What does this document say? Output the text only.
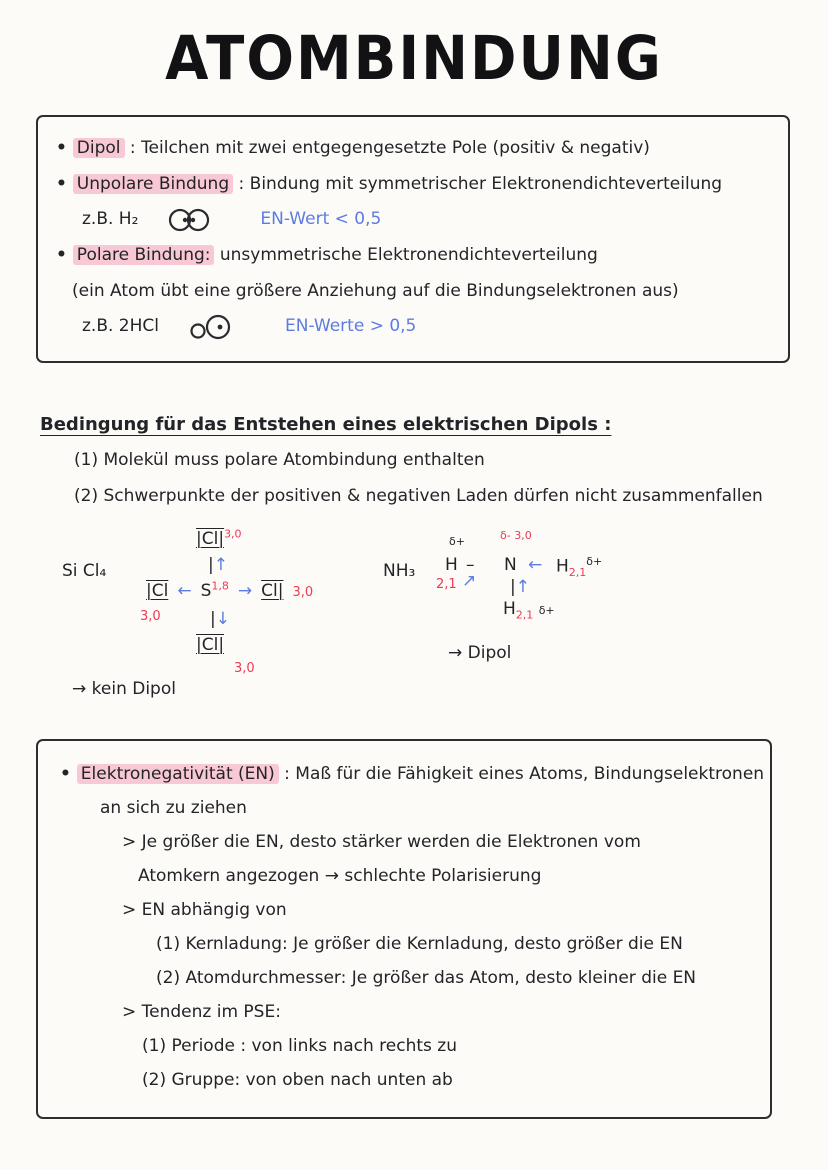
ATOMBINDUNG
• Dipol : Teilchen mit zwei entgegengesetzte Pole (positiv & negativ)
• Unpolare Bindung : Bindung mit symmetrischer Elektronendichteverteilung
z.B. H₂	EN-Wert < 0,5
• Polare Bindung: unsymmetrische Elektronendichteverteilung
(ein Atom übt eine größere Anziehung auf die Bindungselektronen aus)
z.B. 2HCl	EN-Werte > 0,5
Bedingung für das Entstehen eines elektrischen Dipols :
(1) Molekül muss polare Atombindung enthalten
(2) Schwerpunkte der positiven & negativen Laden dürfen nicht zusammenfallen
Si Cl₄
$|Cl|^{3,0}$
|↑
|Cl ← S$^{1,8}$ → Cl| 3,0
3,0	|↓
|Cl|
3,0
→ kein Dipol
NH₃
δ+	δ- 3,0
H – N ← $H_{2,1}^{\delta+}$
2,1 ↗ |↑
$H_{2,1}$ δ+
→ Dipol
• Elektronegativität (EN) : Maß für die Fähigkeit eines Atoms, Bindungselektronen
an sich zu ziehen
> Je größer die EN, desto stärker werden die Elektronen vom
Atomkern angezogen → schlechte Polarisierung
> EN abhängig von
(1) Kernladung: Je größer die Kernladung, desto größer die EN
(2) Atomdurchmesser: Je größer das Atom, desto kleiner die EN
> Tendenz im PSE:
(1) Periode : von links nach rechts zu
(2) Gruppe: von oben nach unten ab
